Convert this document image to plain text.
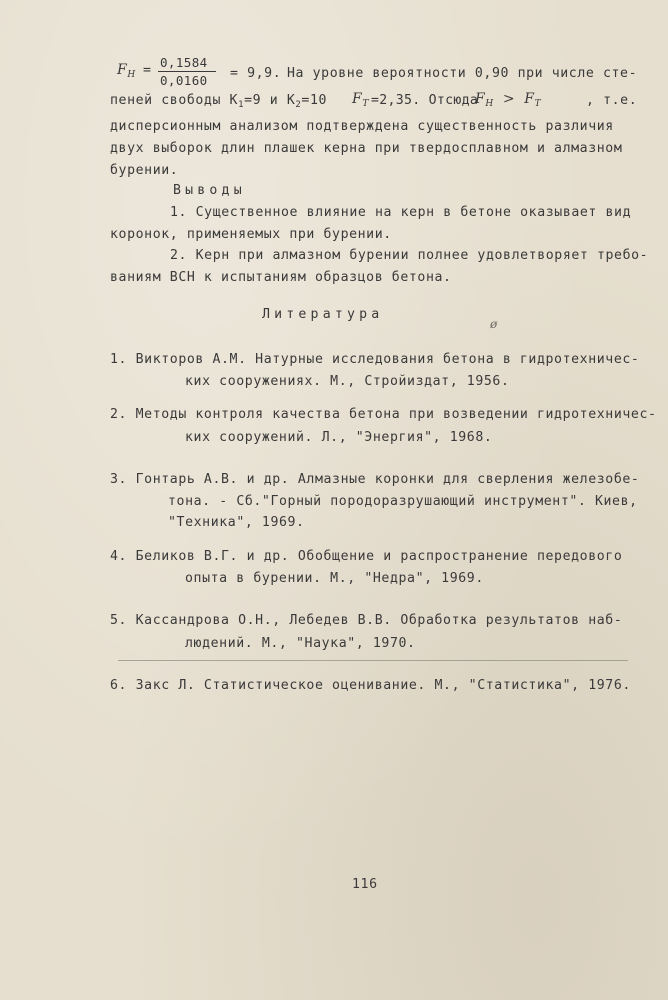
$F_H$ =
0,1584
0,0160 = 9,9. На уровне вероятности 0,90 при числе сте-
пеней свободы $K_1=9$ и $K_2=10$ $F_T =2,35$. Отсюда
$F_H > F_T$	, т.е.
дисперсионным анализом подтверждена существенность различия
двух выборок длин плашек керна при твердосплавном и алмазном
бурении.
Выводы
1. Существенное влияние на керн в бетоне оказывает вид
коронок, применяемых при бурении.
2. Керн при алмазном бурении полнее удовлетворяет требо-
ваниям ВСН к испытаниям образцов бетона.
Литература
ø
1. Викторов А.М. Натурные исследования бетона в гидротехничес-
ких сооружениях. М., Стройиздат, 1956.
2. Методы контроля качества бетона при возведении гидротехничес-
ких сооружений. Л., "Энергия", 1968.
3. Гонтарь А.В. и др. Алмазные коронки для сверления железобе-
тона. - Сб."Горный породоразрушающий инструмент". Киев,
"Техника", 1969.
4. Беликов В.Г. и др. Обобщение и распространение передового
опыта в бурении. М., "Недра", 1969.
5. Кассандрова О.Н., Лебедев В.В. Обработка результатов наб-
людений. М., "Наука", 1970.
6. Закс Л. Статистическое оценивание. М., "Статистика", 1976.
116
